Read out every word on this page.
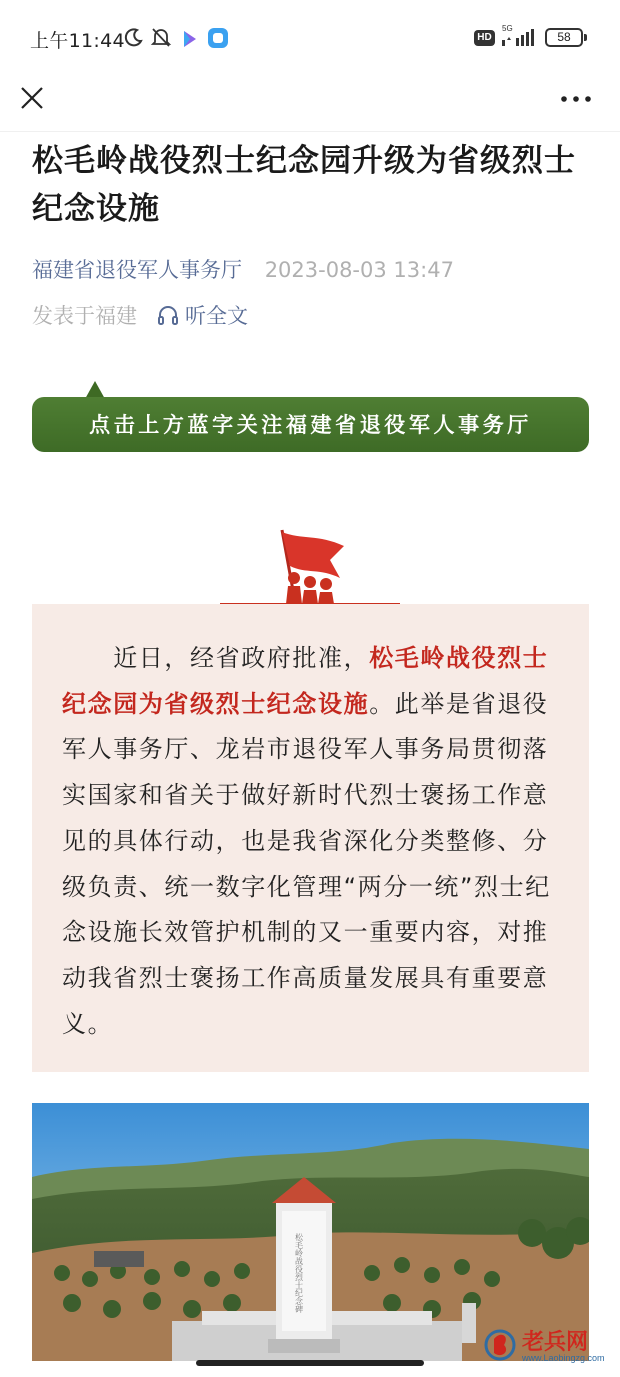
上午11:44	HD
5G
58
松毛岭战役烈士纪念园升级为省级烈士纪念设施
福建省退役军人事务厅 2023-08-03 13:47
发表于福建 听全文
点击上方蓝字关注福建省退役军人事务厅

　　近日，经省政府批准，松毛岭战役烈士纪念园为省级烈士纪念设施。此举是省退役军人事务厅、龙岩市退役军人事务局贯彻落实国家和省关于做好新时代烈士褒扬工作意见的具体行动，也是我省深化分类整修、分级负责、统一数字化管理“两分一统”烈士纪念设施长效管护机制的又一重要内容，对推动我省烈士褒扬工作高质量发展具有重要意义。

松毛岭战役烈士纪念碑
老兵网
www.Laobingzg.com
